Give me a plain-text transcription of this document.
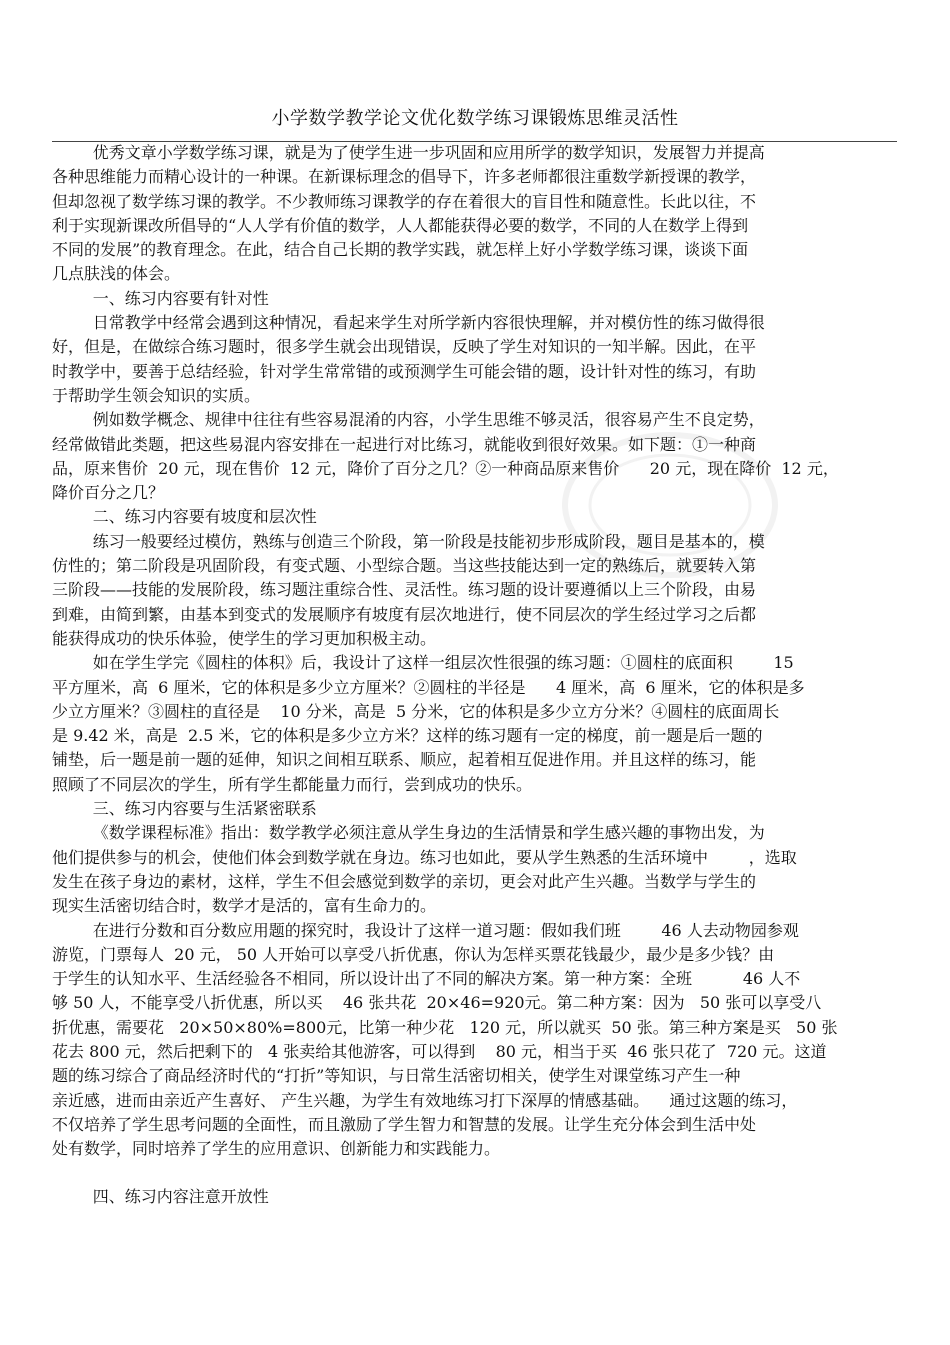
小学数学教学论文优化数学练习课锻炼思维灵活性
优秀文章小学数学练习课，就是为了使学生进一步巩固和应用所学的数学知识，发展智力并提高
各种思维能力而精心设计的一种课。在新课标理念的倡导下，许多老师都很注重数学新授课的教学，
但却忽视了数学练习课的教学。不少教师练习课教学的存在着很大的盲目性和随意性。长此以往，不
利于实现新课改所倡导的“人人学有价值的数学，人人都能获得必要的数学，不同的人在数学上得到
不同的发展”的教育理念。在此，结合自己长期的教学实践，就怎样上好小学数学练习课，谈谈下面
几点肤浅的体会。
一、练习内容要有针对性
日常教学中经常会遇到这种情况，看起来学生对所学新内容很快理解，并对模仿性的练习做得很
好，但是，在做综合练习题时，很多学生就会出现错误，反映了学生对知识的一知半解。因此，在平
时教学中，要善于总结经验，针对学生常常错的或预测学生可能会错的题，设计针对性的练习，有助
于帮助学生领会知识的实质。
例如数学概念、规律中往往有些容易混淆的内容，小学生思维不够灵活，很容易产生不良定势，
经常做错此类题，把这些易混内容安排在一起进行对比练习，就能收到很好效果。如下题：①一种商
品，原来售价  20 元，现在售价  12 元，降价了百分之几？②一种商品原来售价      20 元，现在降价  12 元，
降价百分之几？
二、练习内容要有坡度和层次性
练习一般要经过模仿，熟练与创造三个阶段，第一阶段是技能初步形成阶段，题目是基本的，模
仿性的；第二阶段是巩固阶段，有变式题、小型综合题。当这些技能达到一定的熟练后，就要转入第
三阶段——技能的发展阶段，练习题注重综合性、灵活性。练习题的设计要遵循以上三个阶段，由易
到难，由简到繁，由基本到变式的发展顺序有坡度有层次地进行，使不同层次的学生经过学习之后都
能获得成功的快乐体验，使学生的学习更加积极主动。
如在学生学完《圆柱的体积》后，我设计了这样一组层次性很强的练习题：①圆柱的底面积        15
平方厘米，高  6 厘米，它的体积是多少立方厘米？②圆柱的半径是      4 厘米，高  6 厘米，它的体积是多
少立方厘米？③圆柱的直径是    10 分米，高是  5 分米，它的体积是多少立方分米？④圆柱的底面周长
是 9.42 米，高是  2.5 米，它的体积是多少立方米？这样的练习题有一定的梯度，前一题是后一题的
铺垫，后一题是前一题的延伸，知识之间相互联系、顺应，起着相互促进作用。并且这样的练习，能
照顾了不同层次的学生，所有学生都能量力而行，尝到成功的快乐。
三、练习内容要与生活紧密联系
《数学课程标准》指出：数学教学必须注意从学生身边的生活情景和学生感兴趣的事物出发，为
他们提供参与的机会，使他们体会到数学就在身边。练习也如此，要从学生熟悉的生活环境中        ，选取
发生在孩子身边的素材，这样，学生不但会感觉到数学的亲切，更会对此产生兴趣。当数学与学生的
现实生活密切结合时，数学才是活的，富有生命力的。
在进行分数和百分数应用题的探究时，我设计了这样一道习题：假如我们班        46 人去动物园参观
游览，门票每人  20 元， 50 人开始可以享受八折优惠，你认为怎样买票花钱最少，最少是多少钱？由
于学生的认知水平、生活经验各不相同，所以设计出了不同的解决方案。第一种方案：全班          46 人不
够 50 人，不能享受八折优惠，所以买    46 张共花  20×46=920元。第二种方案：因为   50 张可以享受八
折优惠，需要花   20×50×80%=800元，比第一种少花   120 元，所以就买  50 张。第三种方案是买   50 张
花去 800 元，然后把剩下的   4 张卖给其他游客，可以得到    80 元，相当于买  46 张只花了  720 元。这道
题的练习综合了商品经济时代的“打折”等知识，与日常生活密切相关，使学生对课堂练习产生一种
亲近感，进而由亲近产生喜好、 产生兴趣，为学生有效地练习打下深厚的情感基础。    通过这题的练习，
不仅培养了学生思考问题的全面性，而且激励了学生智力和智慧的发展。让学生充分体会到生活中处
处有数学，同时培养了学生的应用意识、创新能力和实践能力。
四、练习内容注意开放性
